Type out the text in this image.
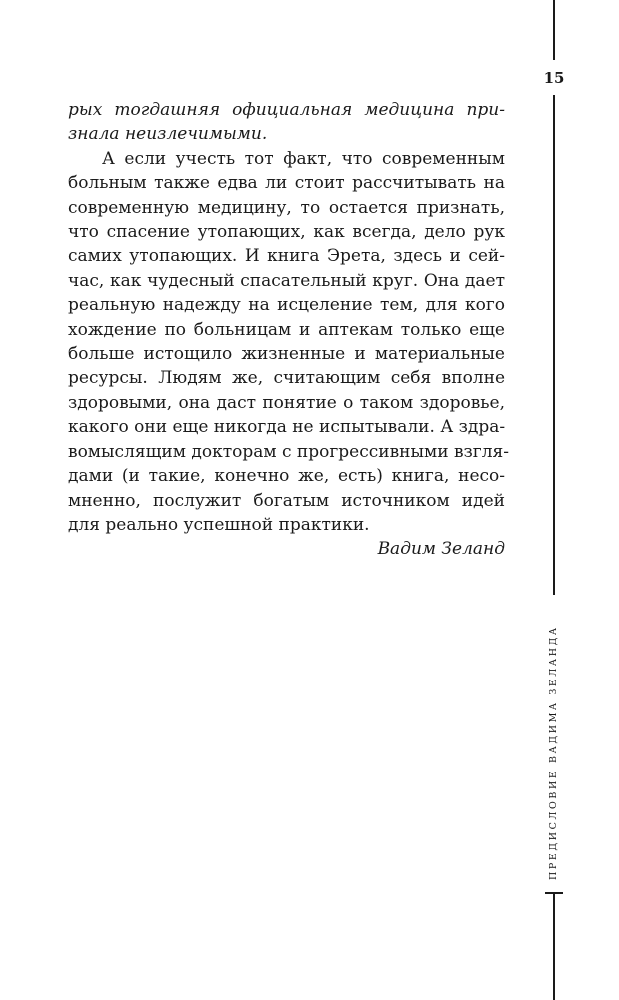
15
ПРЕДИСЛОВИЕ ВАДИМА ЗЕЛАНДА
рых тогдашняя официальная медицина при-
знала неизлечимыми.
А если учесть тот факт, что современным
больным также едва ли стоит рассчитывать на
современную медицину, то остается признать,
что спасение утопающих, как всегда, дело рук
самих утопающих. И книга Эрета, здесь и сей-
час, как чудесный спасательный круг. Она дает
реальную надежду на исцеление тем, для кого
хождение по больницам и аптекам только еще
больше истощило жизненные и материальные
ресурсы. Людям же, считающим себя вполне
здоровыми, она даст понятие о таком здоровье,
какого они еще никогда не испытывали. А здра-
вомыслящим докторам с прогрессивными взгля-
дами (и такие, конечно же, есть) книга, несо-
мненно, послужит богатым источником идей
для реально успешной практики.
Вадим Зеланд
